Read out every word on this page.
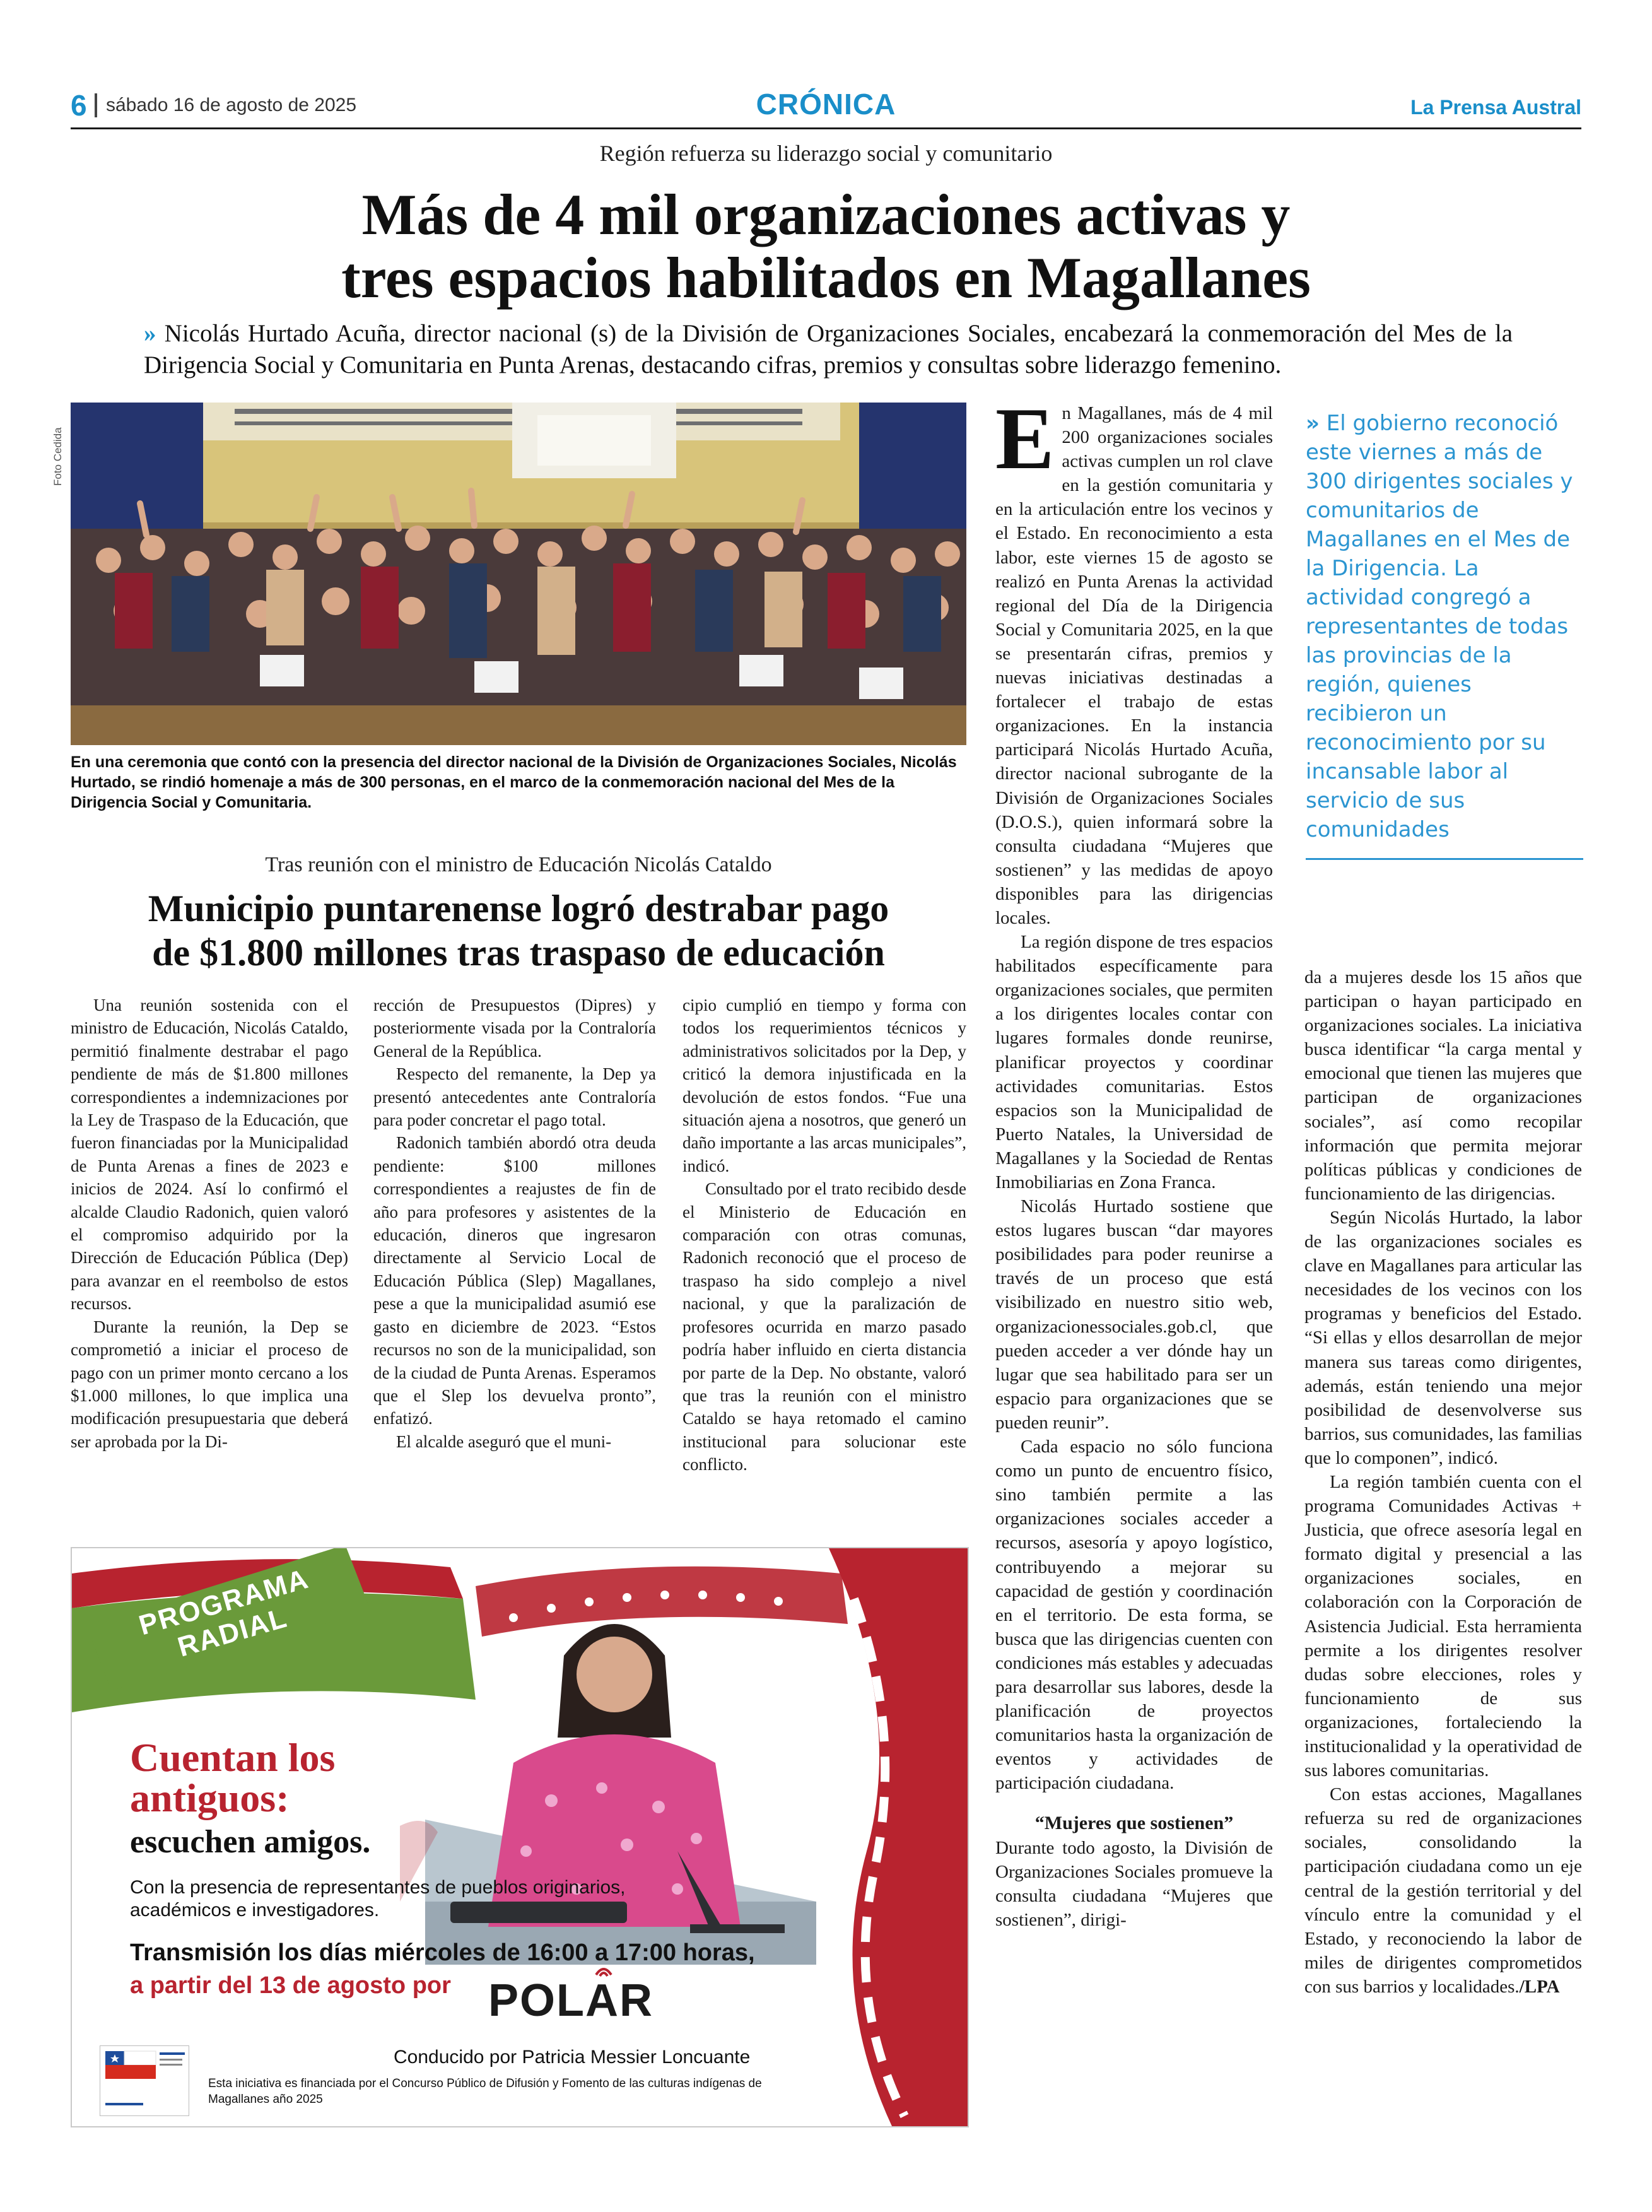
6 sábado 16 de agosto de 2025	CRÓNICA	La Prensa Austral
Región refuerza su liderazgo social y comunitario
Más de 4 mil organizaciones activas y
tres espacios habilitados en Magallanes
» Nicolás Hurtado Acuña, director nacional (s) de la División de Organizaciones Sociales, encabezará la conmemoración del Mes de la Dirigencia Social y Comunitaria en Punta Arenas, destacando cifras, premios y consultas sobre liderazgo femenino.
Foto Cedida
En una ceremonia que contó con la presencia del director nacional de la División de Organizaciones Sociales, Nicolás Hurtado, se rindió homenaje a más de 300 personas, en el marco de la conmemoración nacional del Mes de la Dirigencia Social y Comunitaria.
» El gobierno reconoció este viernes a más de 300 dirigentes sociales y comunitarios de Magallanes en el Mes de la Dirigencia. La actividad congregó a representantes de todas las provincias de la región, quienes recibieron un reconocimiento por su incansable labor al servicio de sus comunidades
E n Magallanes, más de 4 mil 200 organizaciones sociales activas cumplen un rol clave en la gestión comunitaria y en la articulación entre los vecinos y el Estado. En reconocimiento a esta labor, este viernes 15 de agosto se realizó en Punta Arenas la actividad regional del Día de la Dirigencia Social y Comunitaria 2025, en la que se presentarán cifras, premios y nuevas iniciativas destinadas a fortalecer el trabajo de estas organizaciones. En la instancia participará Nicolás Hurtado Acuña, director nacional subrogante de la División de Organizaciones Sociales (D.O.S.), quien informará sobre la consulta ciudadana “Mujeres que sostienen” y las medidas de apoyo disponibles para las dirigencias locales.

La región dispone de tres espacios habilitados específicamente para organizaciones sociales, que permiten a los dirigentes locales contar con lugares formales donde reunirse, planificar proyectos y coordinar actividades comunitarias. Estos espacios son la Municipalidad de Puerto Natales, la Universidad de Magallanes y la Sociedad de Rentas Inmobiliarias en Zona Franca.

Nicolás Hurtado sostiene que estos lugares buscan “dar mayores posibilidades para poder reunirse a través de un proceso que está visibilizado en nuestro sitio web, organizacionessociales.gob.cl, que pueden acceder a ver dónde hay un lugar que sea habilitado para ser un espacio para organizaciones que se pueden reunir”.

Cada espacio no sólo funciona como un punto de encuentro físico, sino también permite a las organizaciones sociales acceder a recursos, asesoría y apoyo logístico, contribuyendo a mejorar su capacidad de gestión y coordinación en el territorio. De esta forma, se busca que las dirigencias cuenten con condiciones más estables y adecuadas para desarrollar sus labores, desde la planificación de proyectos comunitarios hasta la organización de eventos y actividades de participación ciudadana.

“Mujeres que sostienen”

Durante todo agosto, la División de Organizaciones Sociales promueve la consulta ciudadana “Mujeres que sostienen”, dirigi-

da a mujeres desde los 15 años que participan o hayan participado en organizaciones sociales. La iniciativa busca identificar “la carga mental y emocional que tienen las mujeres que participan de organizaciones sociales”, así como recopilar información que permita mejorar políticas públicas y condiciones de funcionamiento de las dirigencias.

Según Nicolás Hurtado, la labor de las organizaciones sociales es clave en Magallanes para articular las necesidades de los vecinos con los programas y beneficios del Estado. “Si ellas y ellos desarrollan de mejor manera sus tareas como dirigentes, además, están teniendo una mejor posibilidad de desenvolverse sus barrios, sus comunidades, las familias que lo componen”, indicó.

La región también cuenta con el programa Comunidades Activas + Justicia, que ofrece asesoría legal en formato digital y presencial a las organizaciones sociales, en colaboración con la Corporación de Asistencia Judicial. Esta herramienta permite a los dirigentes resolver dudas sobre elecciones, roles y funcionamiento de sus organizaciones, fortaleciendo la institucionalidad y la operatividad de sus labores comunitarias.

Con estas acciones, Magallanes refuerza su red de organizaciones sociales, consolidando la participación ciudadana como un eje central de la gestión territorial y del vínculo entre la comunidad y el Estado, y reconociendo la labor de miles de dirigentes comprometidos con sus barrios y localidades./LPA

Tras reunión con el ministro de Educación Nicolás Cataldo
Municipio puntarenense logró destrabar pago
de $1.800 millones tras traspaso de educación

Una reunión sostenida con el ministro de Educación, Nicolás Cataldo, permitió finalmente destrabar el pago pendiente de más de $1.800 millones correspondientes a indemnizaciones por la Ley de Traspaso de la Educación, que fueron financiadas por la Municipalidad de Punta Arenas a fines de 2023 e inicios de 2024. Así lo confirmó el alcalde Claudio Radonich, quien valoró el compromiso adquirido por la Dirección de Educación Pública (Dep) para avanzar en el reembolso de estos recursos.

Durante la reunión, la Dep se comprometió a iniciar el proceso de pago con un primer monto cercano a los $1.000 millones, lo que implica una modificación presupuestaria que deberá ser aprobada por la Di-

rección de Presupuestos (Dipres) y posteriormente visada por la Contraloría General de la República.

Respecto del remanente, la Dep ya presentó antecedentes ante Contraloría para poder concretar el pago total.

Radonich también abordó otra deuda pendiente: $100 millones correspondientes a reajustes de fin de año para profesores y asistentes de la educación, dineros que ingresaron directamente al Servicio Local de Educación Pública (Slep) Magallanes, pese a que la municipalidad asumió ese gasto en diciembre de 2023. “Estos recursos no son de la municipalidad, son de la ciudad de Punta Arenas. Esperamos que el Slep los devuelva pronto”, enfatizó.

El alcalde aseguró que el muni-

cipio cumplió en tiempo y forma con todos los requerimientos técnicos y administrativos solicitados por la Dep, y criticó la demora injustificada en la devolución de estos fondos. “Fue una situación ajena a nosotros, que generó un daño importante a las arcas municipales”, indicó.

Consultado por el trato recibido desde el Ministerio de Educación en comparación con otras comunas, Radonich reconoció que el proceso de traspaso ha sido complejo a nivel nacional, y que la paralización de profesores ocurrida en marzo pasado podría haber influido en cierta distancia por parte de la Dep. No obstante, valoró que tras la reunión con el ministro Cataldo se haya retomado el camino institucional para solucionar este conflicto.

PROGRAMA RADIAL
Cuentan los
antiguos:
escuchen amigos.
Con la presencia de representantes de pueblos originarios, académicos e investigadores.
Transmisión los días miércoles de 16:00 a 17:00 horas,
a partir del 13 de agosto por POLAR
Conducido por Patricia Messier Loncuante
Esta iniciativa es financiada por el Concurso Público de Difusión y Fomento de las culturas indígenas de Magallanes año 2025
